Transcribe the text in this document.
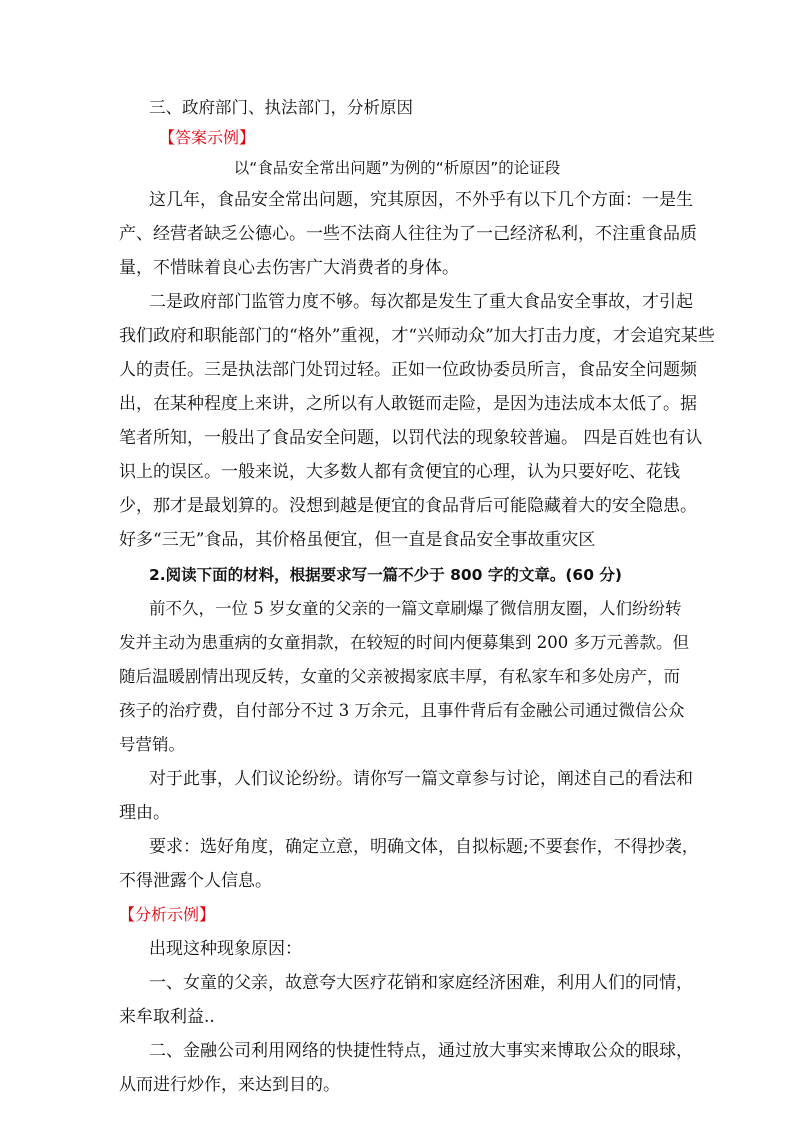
三、政府部门、执法部门，分析原因
【答案示例】
以“食品安全常出问题”为例的“析原因”的论证段
这几年，食品安全常出问题，究其原因，不外乎有以下几个方面：一是生
产、经营者缺乏公德心。一些不法商人往往为了一己经济私利，不注重食品质
量，不惜昧着良心去伤害广大消费者的身体。
二是政府部门监管力度不够。每次都是发生了重大食品安全事故，才引起
我们政府和职能部门的“格外”重视，才“兴师动众”加大打击力度，才会追究某些
人的责任。三是执法部门处罚过轻。正如一位政协委员所言，食品安全问题频
出，在某种程度上来讲，之所以有人敢铤而走险，是因为违法成本太低了。据
笔者所知，一般出了食品安全问题，以罚代法的现象较普遍。 四是百姓也有认
识上的误区。一般来说，大多数人都有贪便宜的心理，认为只要好吃、花钱
少，那才是最划算的。没想到越是便宜的食品背后可能隐藏着大的安全隐患。
好多“三无”食品，其价格虽便宜，但一直是食品安全事故重灾区
2.阅读下面的材料，根据要求写一篇不少于 800 字的文章。(60 分)
前不久，一位 5 岁女童的父亲的一篇文章刷爆了微信朋友圈，人们纷纷转
发并主动为患重病的女童捐款，在较短的时间内便募集到 200 多万元善款。但
随后温暖剧情出现反转，女童的父亲被揭家底丰厚，有私家车和多处房产，而
孩子的治疗费，自付部分不过 3 万余元，且事件背后有金融公司通过微信公众
号营销。
对于此事，人们议论纷纷。请你写一篇文章参与讨论，阐述自己的看法和
理由。
要求：选好角度，确定立意，明确文体，自拟标题;不要套作，不得抄袭，
不得泄露个人信息。
【分析示例】
出现这种现象原因：
一、女童的父亲，故意夸大医疗花销和家庭经济困难，利用人们的同情，
来牟取利益..
二、金融公司利用网络的快捷性特点，通过放大事实来博取公众的眼球，
从而进行炒作，来达到目的。
